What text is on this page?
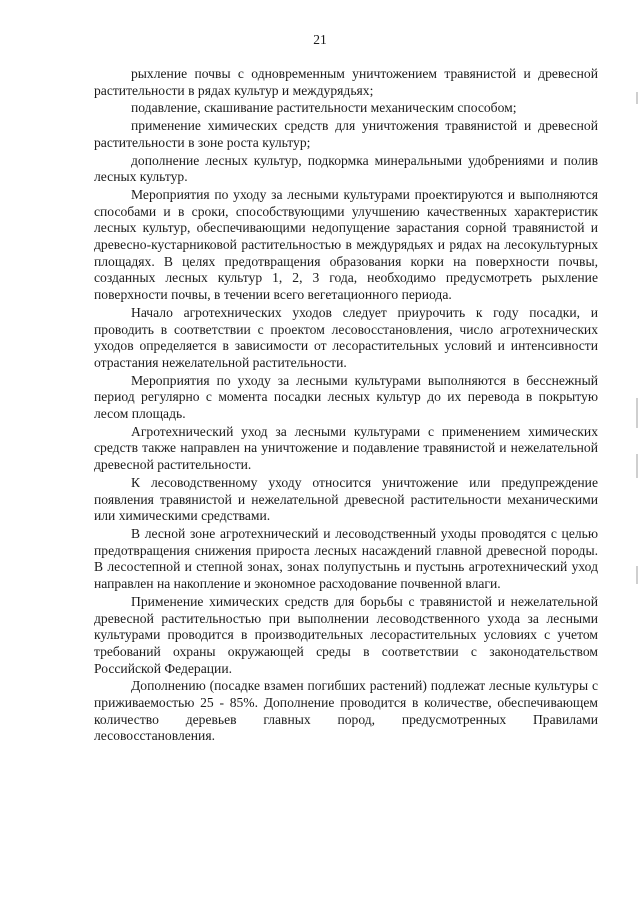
21

рыхление почвы с одновременным уничтожением травянистой и древесной растительности в рядах культур и междурядьях;

подавление, скашивание растительности механическим способом;

применение химических средств для уничтожения травянистой и древесной растительности в зоне роста культур;

дополнение лесных культур, подкормка минеральными удобрениями и полив лесных культур.

Мероприятия по уходу за лесными культурами проектируются и выполняются способами и в сроки, способствующими улучшению качественных характеристик лесных культур, обеспечивающими недопущение зарастания сорной травянистой и древесно-кустарниковой растительностью в междурядьях и рядах на лесокультурных площадях. В целях предотвращения образования корки на поверхности почвы, созданных лесных культур 1, 2, 3 года, необходимо предусмотреть рыхление поверхности почвы, в течении всего вегетационного периода.

Начало агротехнических уходов следует приурочить к году посадки, и проводить в соответствии с проектом лесовосстановления, число агротехнических уходов определяется в зависимости от лесорастительных условий и интенсивности отрастания нежелательной растительности.

Мероприятия по уходу за лесными культурами выполняются в бесснежный период регулярно с момента посадки лесных культур до их перевода в покрытую лесом площадь.

Агротехнический уход за лесными культурами с применением химических средств также направлен на уничтожение и подавление травянистой и нежелательной древесной растительности.

К лесоводственному уходу относится уничтожение или предупреждение появления травянистой и нежелательной древесной растительности механическими или химическими средствами.

В лесной зоне агротехнический и лесоводственный уходы проводятся с целью предотвращения снижения прироста лесных насаждений главной древесной породы. В лесостепной и степной зонах, зонах полупустынь и пустынь агротехнический уход направлен на накопление и экономное расходование почвенной влаги.

Применение химических средств для борьбы с травянистой и нежелательной древесной растительностью при выполнении лесоводственного ухода за лесными культурами проводится в производительных лесорастительных условиях с учетом требований охраны окружающей среды в соответствии с законодательством Российской Федерации.

Дополнению (посадке взамен погибших растений) подлежат лесные культуры с приживаемостью 25 - 85%. Дополнение проводится в количестве, обеспечивающем количество деревьев главных пород, предусмотренных Правилами лесовосстановления.
